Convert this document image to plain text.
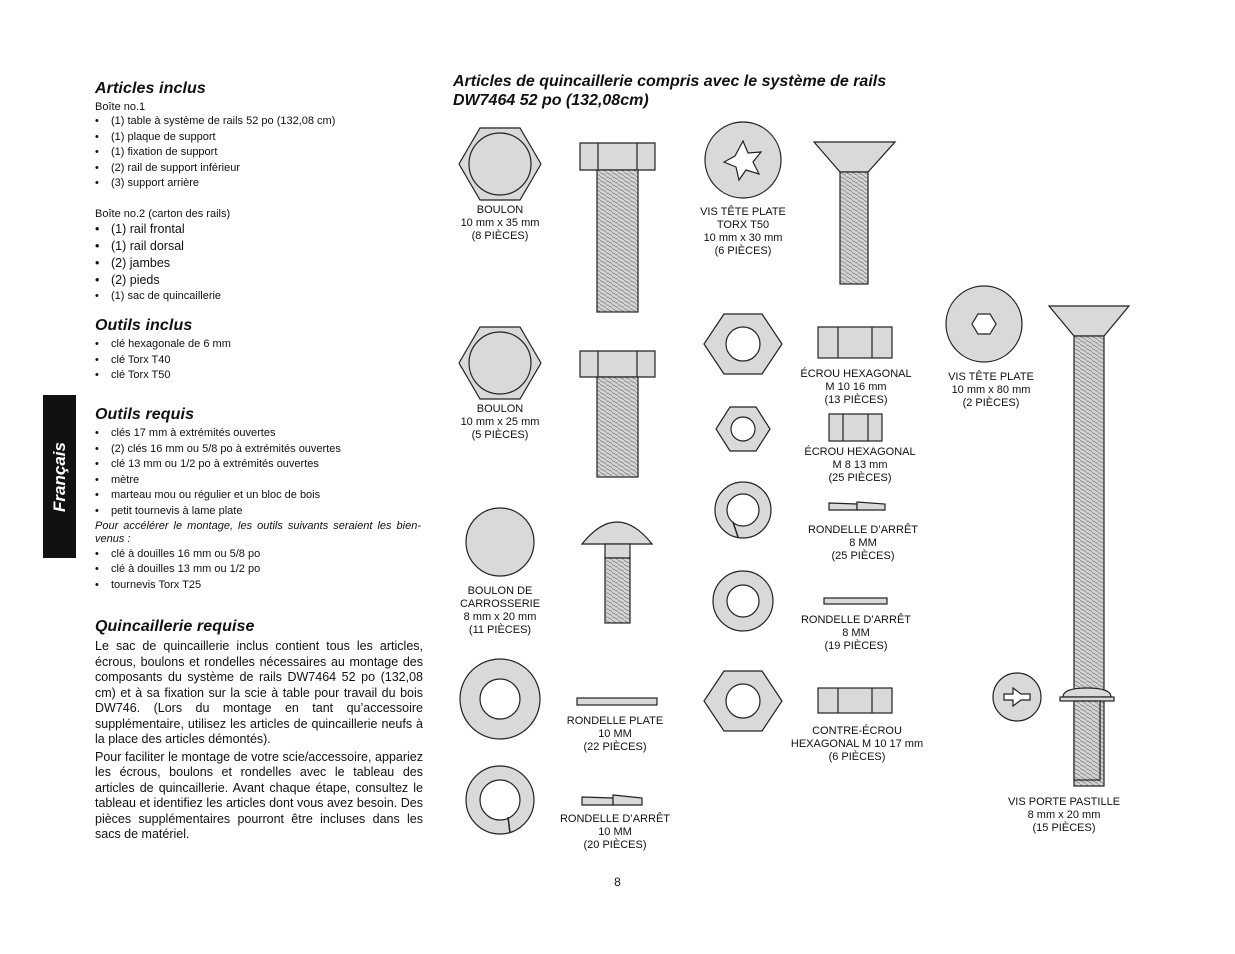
Français
Articles inclus

Boîte no.1

• (1) table à système de rails 52 po (132,08 cm)
• (1) plaque de support
• (1) fixation de support
• (2) rail de support inférieur
• (3) support arrière

Boîte no.2 (carton des rails)

• (1) rail frontal
• (1) rail dorsal
• (2) jambes
• (2) pieds
• (1) sac de quincaillerie
Outils inclus
• clé hexagonale de 6 mm
• clé Torx T40
• clé Torx T50
Outils requis
• clés 17 mm à extrémités ouvertes
• (2) clés 16 mm ou 5/8 po à extrémités ouvertes
• clé 13 mm ou 1/2 po à extrémités ouvertes
• mètre
• marteau mou ou régulier et un bloc de bois
• petit tournevis à lame plate
Pour accélérer le montage, les outils suivants seraient les bien-venus :
• clé à douilles 16 mm ou 5/8 po
• clé à douilles 13 mm ou 1/2 po
• tournevis Torx T25
Quincaillerie requise

Le sac de quincaillerie inclus contient tous les articles, écrous, boulons et rondelles nécessaires au montage des composants du système de rails DW7464 52 po (132,08 cm) et à sa fixation sur la scie à table pour travail du bois DW746. (Lors du montage en tant qu’accessoire supplémentaire, utilisez les articles de quincaillerie neufs à la place des articles démontés).

Pour faciliter le montage de votre scie/accessoire, appariez les écrous, boulons et rondelles avec le tableau des articles de quincaillerie. Avant chaque étape, consultez le tableau et identifiez les articles dont vous avez besoin. Des pièces supplémentaires pourront être incluses dans les sacs de matériel.

Articles de quincaillerie compris avec le système de rails
DW7464 52 po (132,08cm)
BOULON
10 mm x 35 mm
(8 PIÈCES)
VIS TÊTE PLATE
TORX T50
10 mm x 30 mm
(6 PIÈCES)
BOULON
10 mm x 25 mm
(5 PIÈCES)
ÉCROU HEXAGONAL
M 10 16 mm
(13 PIÈCES)
VIS TÊTE PLATE
10 mm x 80 mm
(2 PIÈCES)
ÉCROU HEXAGONAL
M 8 13 mm
(25 PIÈCES)
BOULON DE
CARROSSERIE
8 mm x 20 mm
(11 PIÈCES)
RONDELLE D’ARRÊT
8 MM
(25 PIÈCES)
RONDELLE D’ARRÊT
8 MM
(19 PIÈCES)
RONDELLE PLATE
10 MM
(22 PIÈCES)
CONTRE-ÉCROU
HEXAGONAL M 10 17 mm
(6 PIÈCES)
VIS PORTE PASTILLE
8 mm x 20 mm
(15 PIÈCES)
RONDELLE D’ARRÊT
10 MM
(20 PIÈCES)
8
